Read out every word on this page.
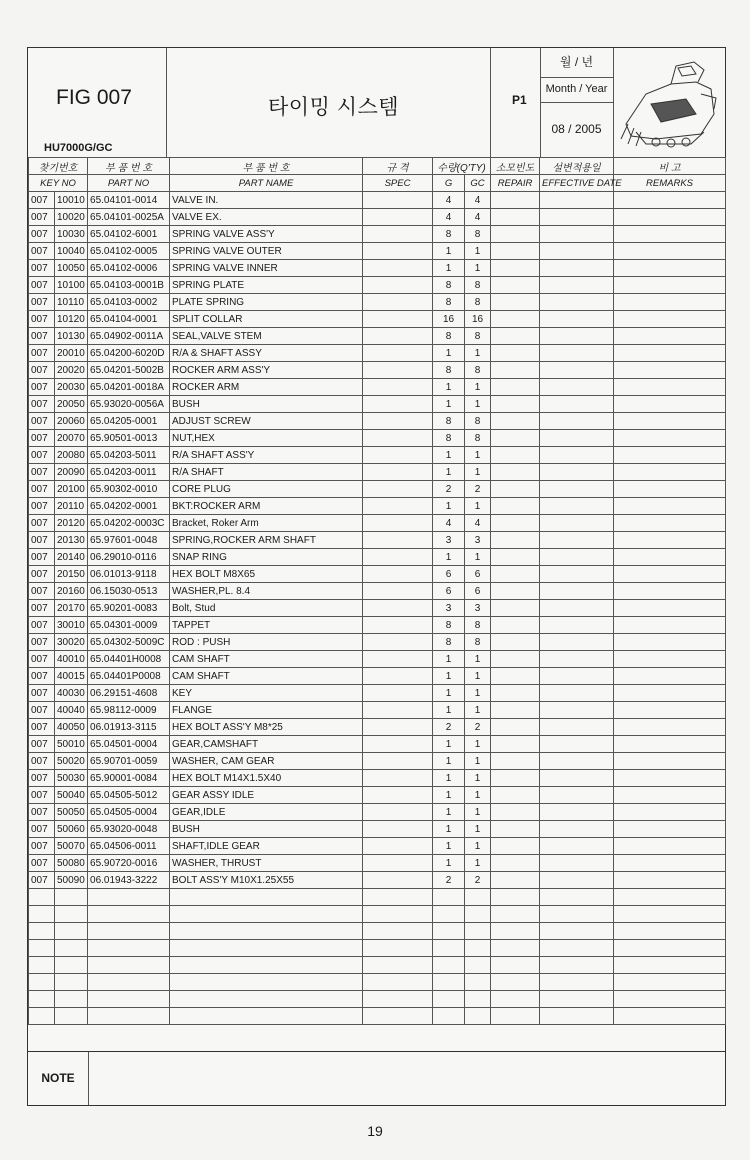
FIG 007
HU7000G/GC
타이밍 시스템	P1
월 / 년
Month / Year
08 / 2005
찾기번호		부 품 번 호	부 품 번 호	규 격	수량(Q'TY)		소모빈도	설변적용일	비 고
KEY NO		PART NO	PART NAME	SPEC	G	GC	REPAIR	EFFECTIVE DATE	REMARKS
007	10010	65.04101-0014	VALVE IN.		4	4			
007	10020	65.04101-0025A	VALVE EX.		4	4			
007	10030	65.04102-6001	SPRING VALVE ASS'Y		8	8			
007	10040	65.04102-0005	SPRING VALVE OUTER		1	1			
007	10050	65.04102-0006	SPRING VALVE INNER		1	1			
007	10100	65.04103-0001B	SPRING PLATE		8	8			
007	10110	65.04103-0002	PLATE SPRING		8	8			
007	10120	65.04104-0001	SPLIT COLLAR		16	16			
007	10130	65.04902-0011A	SEAL,VALVE STEM		8	8			
007	20010	65.04200-6020D	R/A & SHAFT ASSY		1	1			
007	20020	65.04201-5002B	ROCKER ARM ASS'Y		8	8			
007	20030	65.04201-0018A	ROCKER ARM		1	1			
007	20050	65.93020-0056A	BUSH		1	1			
007	20060	65.04205-0001	ADJUST SCREW		8	8			
007	20070	65.90501-0013	NUT,HEX		8	8			
007	20080	65.04203-5011	R/A SHAFT ASS'Y		1	1			
007	20090	65.04203-0011	R/A SHAFT		1	1			
007	20100	65.90302-0010	CORE PLUG		2	2			
007	20110	65.04202-0001	BKT:ROCKER ARM		1	1			
007	20120	65.04202-0003C	Bracket, Roker Arm		4	4			
007	20130	65.97601-0048	SPRING,ROCKER ARM SHAFT		3	3			
007	20140	06.29010-0116	SNAP RING		1	1			
007	20150	06.01013-9118	HEX BOLT M8X65		6	6			
007	20160	06.15030-0513	WASHER,PL. 8.4		6	6			
007	20170	65.90201-0083	Bolt, Stud		3	3			
007	30010	65.04301-0009	TAPPET		8	8			
007	30020	65.04302-5009C	ROD : PUSH		8	8			
007	40010	65.04401H0008	CAM SHAFT		1	1			
007	40015	65.04401P0008	CAM SHAFT		1	1			
007	40030	06.29151-4608	KEY		1	1			
007	40040	65.98112-0009	FLANGE		1	1			
007	40050	06.01913-3115	HEX BOLT ASS'Y M8*25		2	2			
007	50010	65.04501-0004	GEAR,CAMSHAFT		1	1			
007	50020	65.90701-0059	WASHER, CAM GEAR		1	1			
007	50030	65.90001-0084	HEX BOLT M14X1.5X40		1	1			
007	50040	65.04505-5012	GEAR ASSY IDLE		1	1			
007	50050	65.04505-0004	GEAR,IDLE		1	1			
007	50060	65.93020-0048	BUSH		1	1			
007	50070	65.04506-0011	SHAFT,IDLE GEAR		1	1			
007	50080	65.90720-0016	WASHER, THRUST		1	1			
007	50090	06.01943-3222	BOLT ASS'Y M10X1.25X55		2	2			

NOTE
19
